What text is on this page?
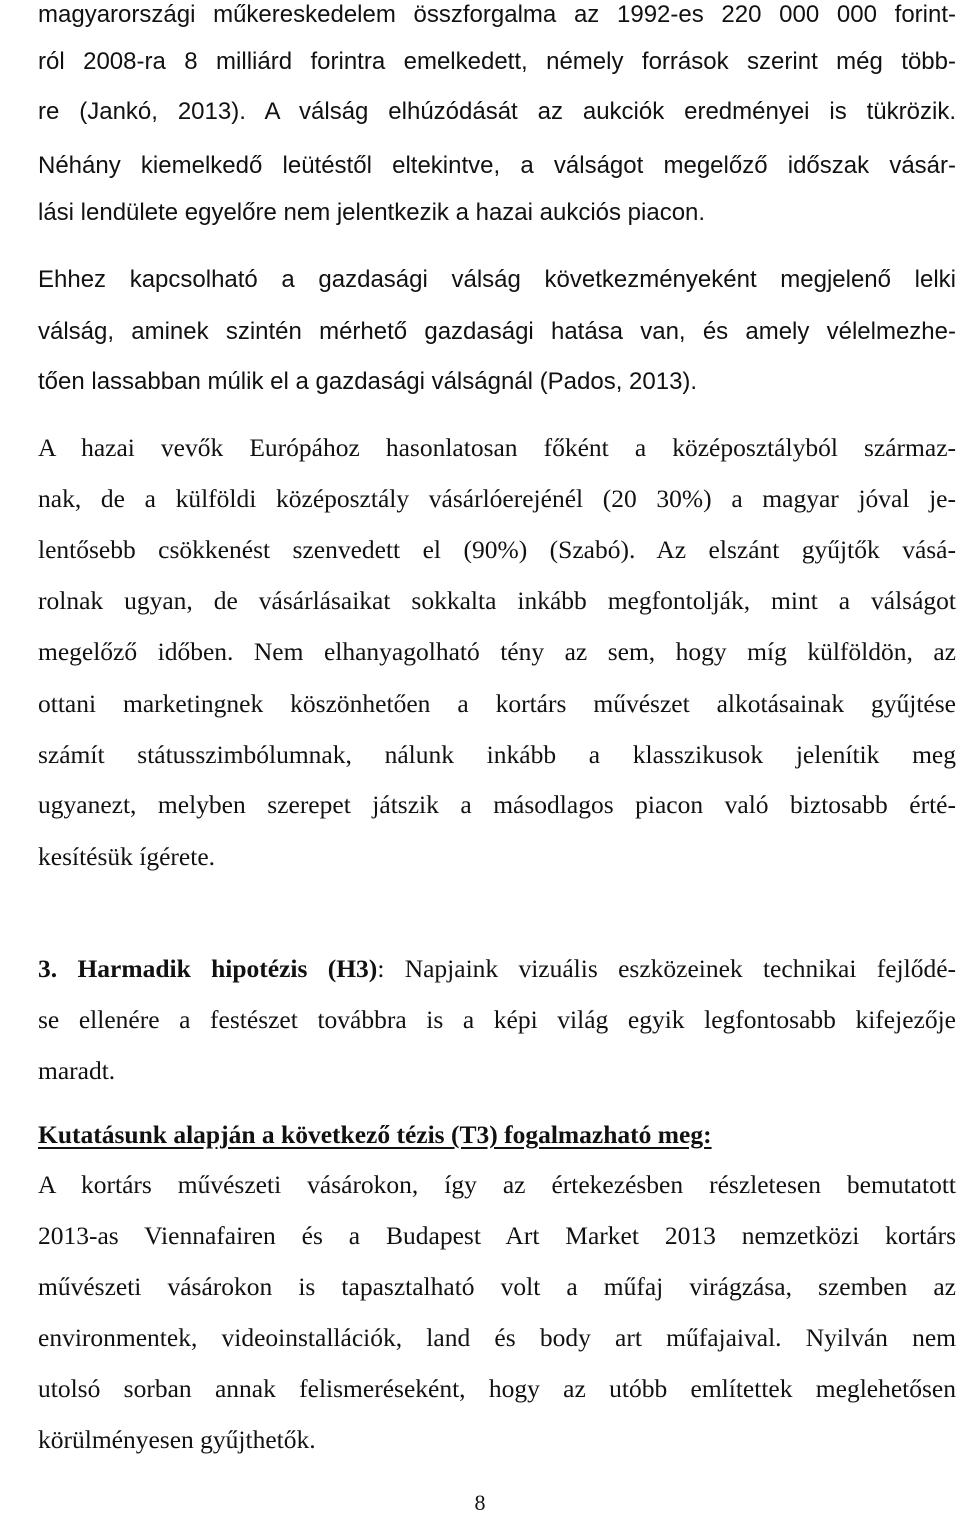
magyarországi műkereskedelem összforgalma az 1992-es 220 000 000 forint-
ról 2008-ra 8 milliárd forintra emelkedett, némely források szerint még több-
re (Jankó, 2013). A válság elhúzódását az aukciók eredményei is tükrözik.
Néhány kiemelkedő leütéstől eltekintve, a válságot megelőző időszak vásár-
lási lendülete egyelőre nem jelentkezik a hazai aukciós piacon.
Ehhez kapcsolható a gazdasági válság következményeként megjelenő lelki
válság, aminek szintén mérhető gazdasági hatása van, és amely vélelmezhe-
tően lassabban múlik el a gazdasági válságnál (Pados, 2013).
A hazai vevők Európához hasonlatosan főként a középosztályból származ-
nak, de a külföldi középosztály vásárlóerejénél (20 30%) a magyar jóval je-
lentősebb csökkenést szenvedett el (90%) (Szabó). Az elszánt gyűjtők vásá-
rolnak ugyan, de vásárlásaikat sokkalta inkább megfontolják, mint a válságot
megelőző időben. Nem elhanyagolható tény az sem, hogy míg külföldön, az
ottani marketingnek köszönhetően a kortárs művészet alkotásainak gyűjtése
számít státusszimbólumnak, nálunk inkább a klasszikusok jelenítik meg
ugyanezt, melyben szerepet játszik a másodlagos piacon való biztosabb érté-
kesítésük ígérete.
3. Harmadik hipotézis (H3): Napjaink vizuális eszközeinek technikai fejlődé-
se ellenére a festészet továbbra is a képi világ egyik legfontosabb kifejezője
maradt.
Kutatásunk alapján a következő tézis (T3) fogalmazható meg:
A kortárs művészeti vásárokon, így az értekezésben részletesen bemutatott
2013-as Viennafairen és a Budapest Art Market 2013 nemzetközi kortárs
művészeti vásárokon is tapasztalható volt a műfaj virágzása, szemben az
environmentek, videoinstallációk, land és body art műfajaival. Nyilván nem
utolsó sorban annak felismeréseként, hogy az utóbb említettek meglehetősen
körülményesen gyűjthetők.
8
